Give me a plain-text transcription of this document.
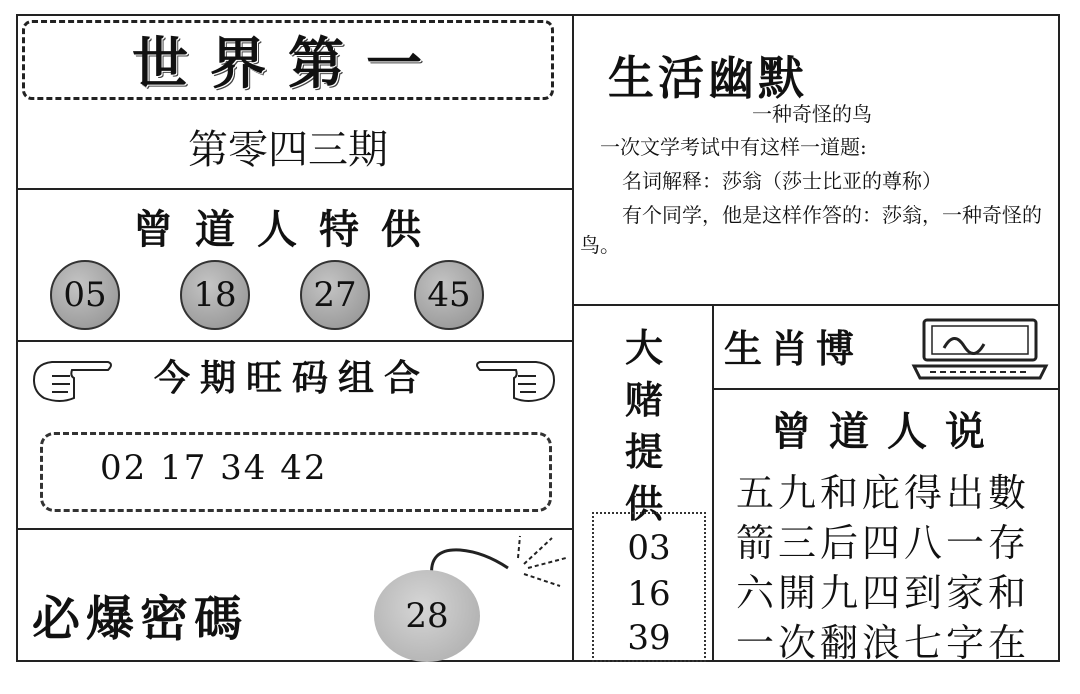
世界第一
第零四三期
曾道人特供
05	18	27	45
今期旺码组合
02 17 34 42
必爆密碼	28
生活幽默
一种奇怪的鸟
一次文学考试中有这样一道题:
名词解释：莎翁（莎士比亚的尊称）
有个同学，他是这样作答的：莎翁，一种奇怪的鸟。
大
赌
提
供
03
16
39
生肖博
曾道人说
五九和庇得出數
箭三后四八一存
六開九四到家和
一次翻浪七字在
